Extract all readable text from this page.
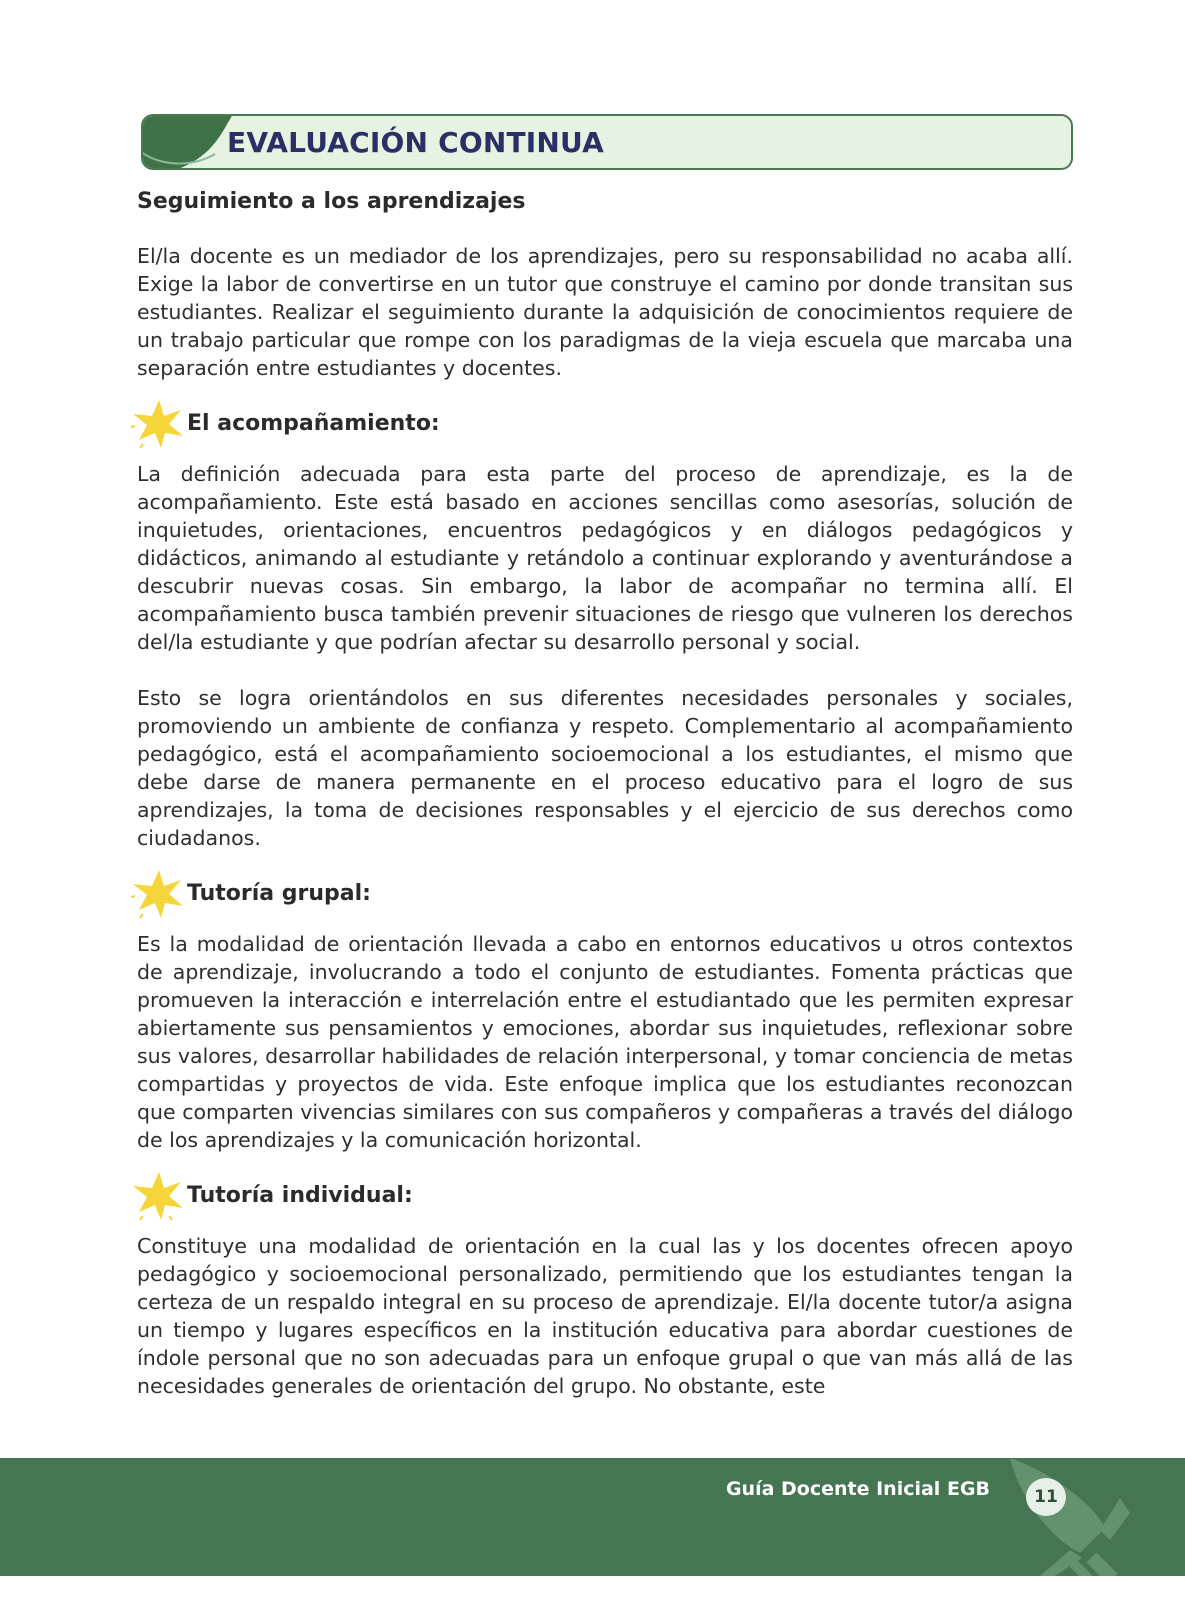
EVALUACIÓN CONTINUA
Seguimiento a los aprendizajes

El/la docente es un mediador de los aprendizajes, pero su responsabilidad no acaba allí. Exige la labor de convertirse en un tutor que construye el camino por donde transitan sus estudiantes. Realizar el seguimiento durante la adquisición de conocimientos requiere de un trabajo particular que rompe con los paradigmas de la vieja escuela que marcaba una separación entre estudiantes y docentes.

El acompañamiento:

La definición adecuada para esta parte del proceso de aprendizaje, es la de acompañamiento. Este está basado en acciones sencillas como asesorías, solución de inquietudes, orientaciones, encuentros pedagógicos y en diálogos pedagógicos y didácticos, animando al estudiante y retándolo a continuar explorando y aventurándose a descubrir nuevas cosas. Sin embargo, la labor de acompañar no termina allí. El acompañamiento busca también prevenir situaciones de riesgo que vulneren los derechos del/la estudiante y que podrían afectar su desarrollo personal y social.

Esto se logra orientándolos en sus diferentes necesidades personales y sociales, promoviendo un ambiente de confianza y respeto. Complementario al acompañamiento pedagógico, está el acompañamiento socioemocional a los estudiantes, el mismo que debe darse de manera permanente en el proceso educativo para el logro de sus aprendizajes, la toma de decisiones responsables y el ejercicio de sus derechos como ciudadanos.

Tutoría grupal:

Es la modalidad de orientación llevada a cabo en entornos educativos u otros contextos de aprendizaje, involucrando a todo el conjunto de estudiantes. Fomenta prácticas que promueven la interacción e interrelación entre el estudiantado que les permiten expresar abiertamente sus pensamientos y emociones, abordar sus inquietudes, reflexionar sobre sus valores, desarrollar habilidades de relación interpersonal, y tomar conciencia de metas compartidas y proyectos de vida. Este enfoque implica que los estudiantes reconozcan que comparten vivencias similares con sus compañeros y compañeras a través del diálogo de los aprendizajes y la comunicación horizontal.

Tutoría individual:

Constituye una modalidad de orientación en la cual las y los docentes ofrecen apoyo pedagógico y socioemocional personalizado, permitiendo que los estudiantes tengan la certeza de un respaldo integral en su proceso de aprendizaje. El/la docente tutor/a asigna un tiempo y lugares específicos en la institución educativa para abordar cuestiones de índole personal que no son adecuadas para un enfoque grupal o que van más allá de las necesidades generales de orientación del grupo. No obstante, este

Guía Docente Inicial EGB	11
